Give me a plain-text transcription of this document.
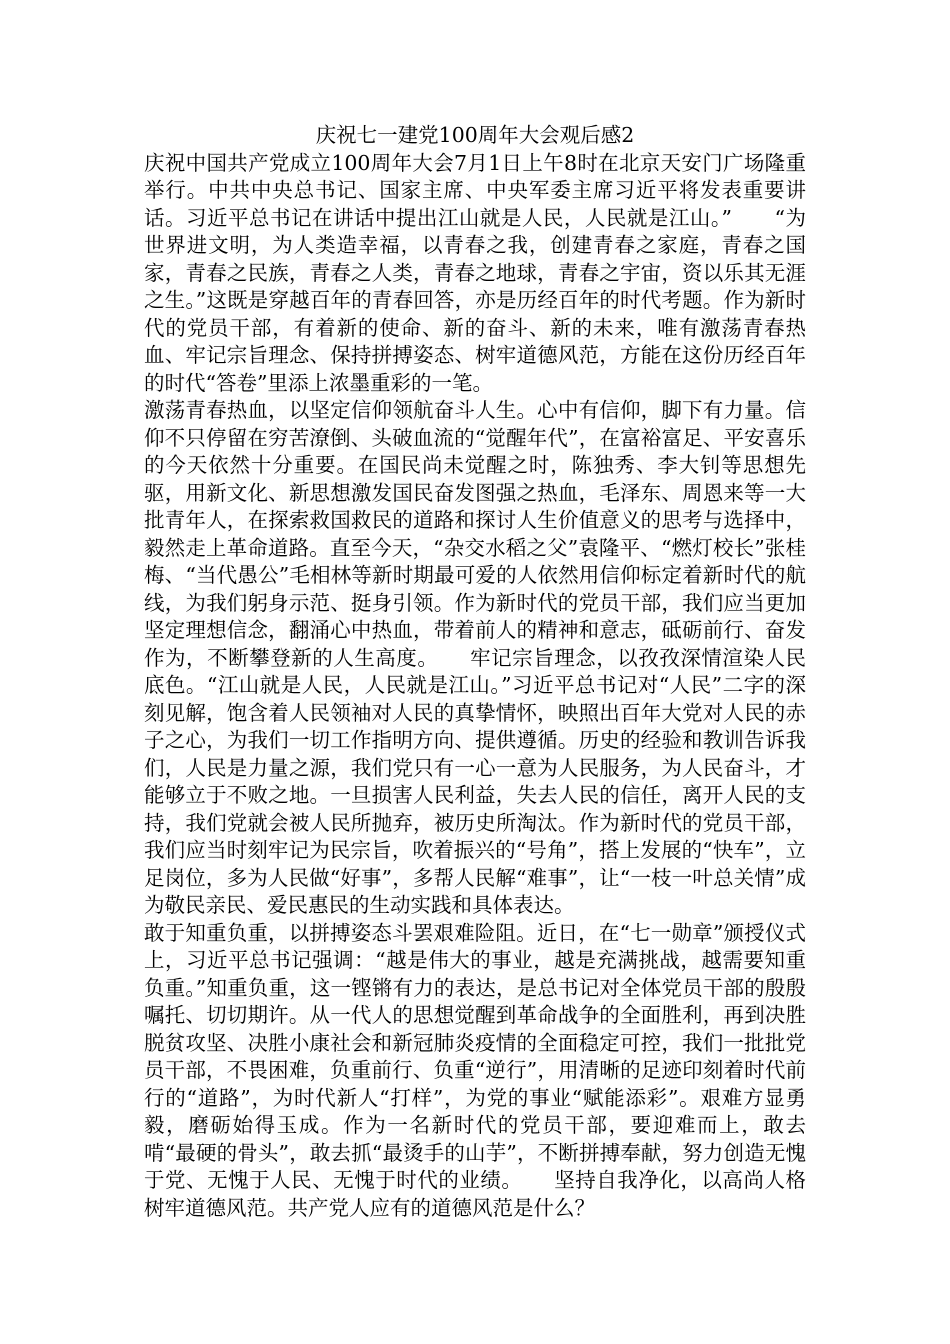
庆祝七一建党100周年大会观后感2

庆祝中国共产党成立100周年大会7月1日上午8时在北京天安门广场隆重举行。中共中央总书记、国家主席、中央军委主席习近平将发表重要讲话。习近平总书记在讲话中提出江山就是人民，人民就是江山。”　　“为世界进文明，为人类造幸福，以青春之我，创建青春之家庭，青春之国家，青春之民族，青春之人类，青春之地球，青春之宇宙，资以乐其无涯之生。”这既是穿越百年的青春回答，亦是历经百年的时代考题。作为新时代的党员干部，有着新的使命、新的奋斗、新的未来，唯有激荡青春热血、牢记宗旨理念、保持拼搏姿态、树牢道德风范，方能在这份历经百年的时代“答卷”里添上浓墨重彩的一笔。

激荡青春热血，以坚定信仰领航奋斗人生。心中有信仰，脚下有力量。信仰不只停留在穷苦潦倒、头破血流的“觉醒年代”，在富裕富足、平安喜乐的今天依然十分重要。在国民尚未觉醒之时，陈独秀、李大钊等思想先驱，用新文化、新思想激发国民奋发图强之热血，毛泽东、周恩来等一大批青年人，在探索救国救民的道路和探讨人生价值意义的思考与选择中，毅然走上革命道路。直至今天，“杂交水稻之父”袁隆平、“燃灯校长”张桂梅、“当代愚公”毛相林等新时期最可爱的人依然用信仰标定着新时代的航线，为我们躬身示范、挺身引领。作为新时代的党员干部，我们应当更加坚定理想信念，翻涌心中热血，带着前人的精神和意志，砥砺前行、奋发作为，不断攀登新的人生高度。　　牢记宗旨理念，以孜孜深情渲染人民底色。“江山就是人民，人民就是江山。”习近平总书记对“人民”二字的深刻见解，饱含着人民领袖对人民的真挚情怀，映照出百年大党对人民的赤子之心，为我们一切工作指明方向、提供遵循。历史的经验和教训告诉我们，人民是力量之源，我们党只有一心一意为人民服务，为人民奋斗，才能够立于不败之地。一旦损害人民利益，失去人民的信任，离开人民的支持，我们党就会被人民所抛弃，被历史所淘汰。作为新时代的党员干部，我们应当时刻牢记为民宗旨，吹着振兴的“号角”，搭上发展的“快车”，立足岗位，多为人民做“好事”，多帮人民解“难事”，让“一枝一叶总关情”成为敬民亲民、爱民惠民的生动实践和具体表达。

敢于知重负重，以拼搏姿态斗罢艰难险阻。近日，在“七一勋章”颁授仪式上，习近平总书记强调：“越是伟大的事业，越是充满挑战，越需要知重负重。”知重负重，这一铿锵有力的表达，是总书记对全体党员干部的殷殷嘱托、切切期许。从一代人的思想觉醒到革命战争的全面胜利，再到决胜脱贫攻坚、决胜小康社会和新冠肺炎疫情的全面稳定可控，我们一批批党员干部，不畏困难，负重前行、负重“逆行”，用清晰的足迹印刻着时代前行的“道路”，为时代新人“打样”，为党的事业“赋能添彩”。艰难方显勇毅，磨砺始得玉成。作为一名新时代的党员干部，要迎难而上，敢去啃“最硬的骨头”，敢去抓“最烫手的山芋”，不断拼搏奉献，努力创造无愧于党、无愧于人民、无愧于时代的业绩。　　坚持自我净化，以高尚人格树牢道德风范。共产党人应有的道德风范是什么？
